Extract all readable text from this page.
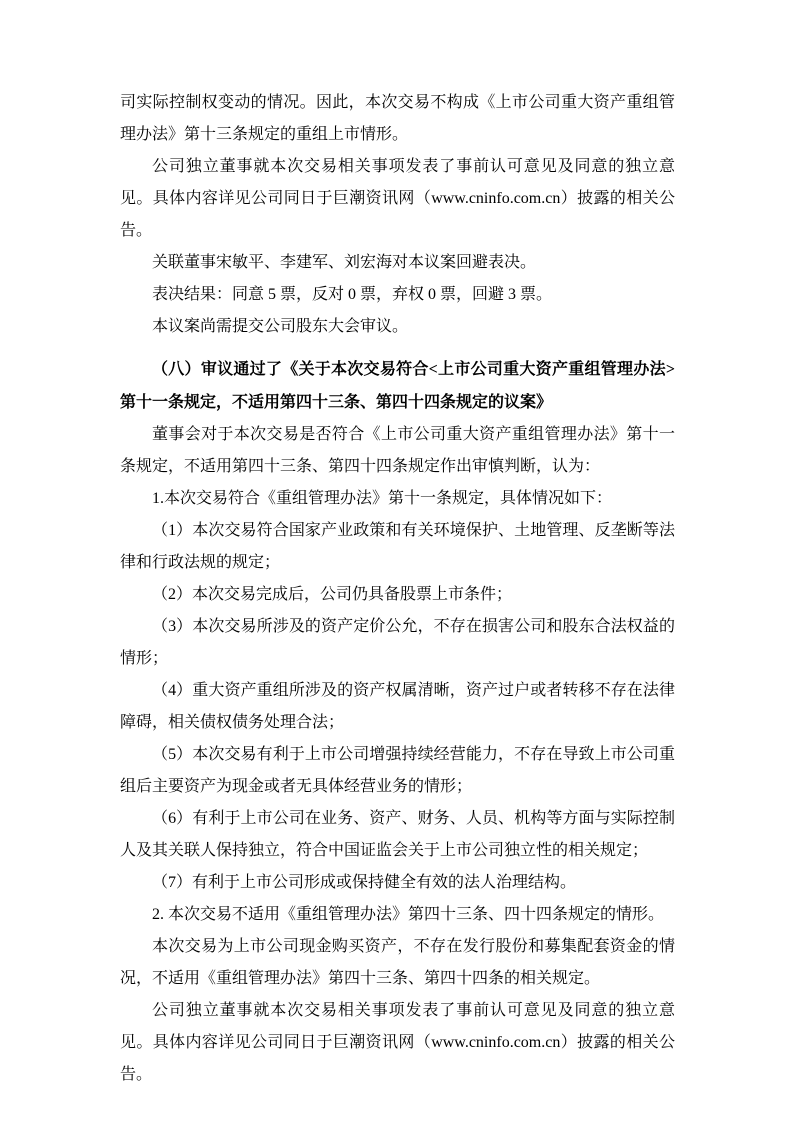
司实际控制权变动的情况。因此，本次交易不构成《上市公司重大资产重组管理办法》第十三条规定的重组上市情形。

公司独立董事就本次交易相关事项发表了事前认可意见及同意的独立意见。具体内容详见公司同日于巨潮资讯网（www.cninfo.com.cn）披露的相关公告。

关联董事宋敏平、李建军、刘宏海对本议案回避表决。

表决结果：同意 5 票，反对 0 票，弃权 0 票，回避 3 票。

本议案尚需提交公司股东大会审议。

（八）审议通过了《关于本次交易符合<上市公司重大资产重组管理办法>第十一条规定，不适用第四十三条、第四十四条规定的议案》

董事会对于本次交易是否符合《上市公司重大资产重组管理办法》第十一条规定，不适用第四十三条、第四十四条规定作出审慎判断，认为：

1.本次交易符合《重组管理办法》第十一条规定，具体情况如下：

（1）本次交易符合国家产业政策和有关环境保护、土地管理、反垄断等法律和行政法规的规定；

（2）本次交易完成后，公司仍具备股票上市条件；

（3）本次交易所涉及的资产定价公允，不存在损害公司和股东合法权益的情形；

（4）重大资产重组所涉及的资产权属清晰，资产过户或者转移不存在法律障碍，相关债权债务处理合法；

（5）本次交易有利于上市公司增强持续经营能力，不存在导致上市公司重组后主要资产为现金或者无具体经营业务的情形；

（6）有利于上市公司在业务、资产、财务、人员、机构等方面与实际控制人及其关联人保持独立，符合中国证监会关于上市公司独立性的相关规定；

（7）有利于上市公司形成或保持健全有效的法人治理结构。

2. 本次交易不适用《重组管理办法》第四十三条、四十四条规定的情形。

本次交易为上市公司现金购买资产，不存在发行股份和募集配套资金的情况，不适用《重组管理办法》第四十三条、第四十四条的相关规定。

公司独立董事就本次交易相关事项发表了事前认可意见及同意的独立意见。具体内容详见公司同日于巨潮资讯网（www.cninfo.com.cn）披露的相关公告。
